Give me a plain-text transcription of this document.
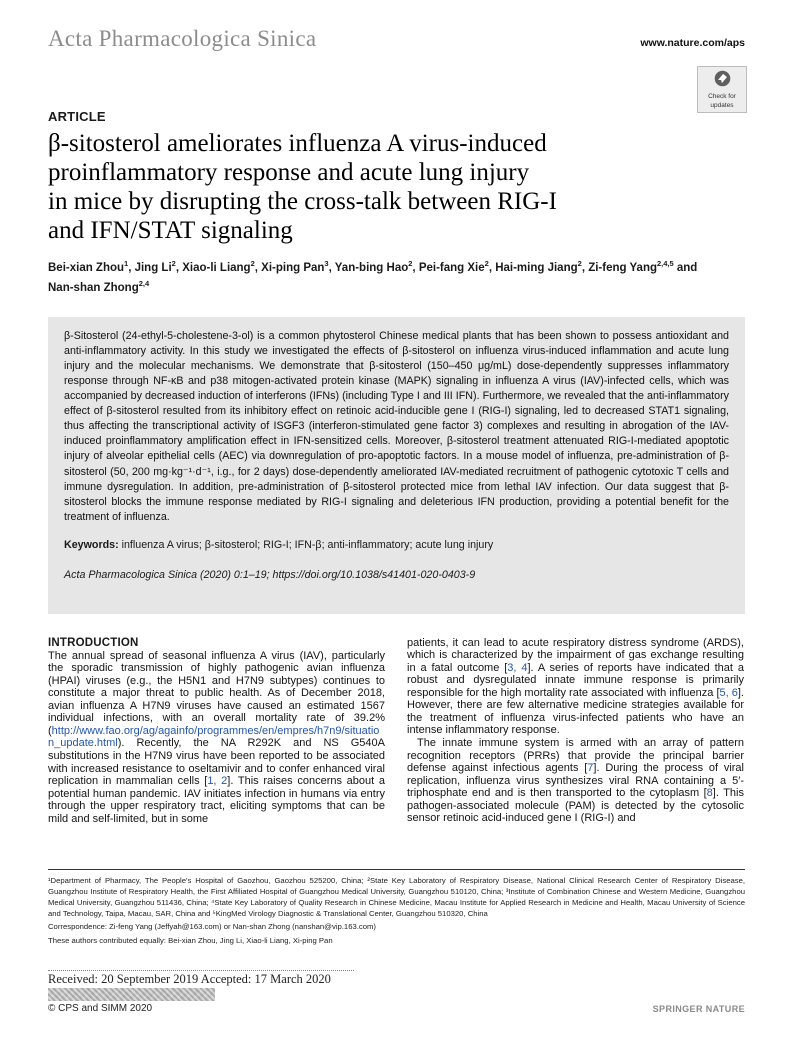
Acta Pharmacologica Sinica	www.nature.com/aps
ARTICLE
β-sitosterol ameliorates influenza A virus-induced
proinflammatory response and acute lung injury
in mice by disrupting the cross-talk between RIG-I
and IFN/STAT signaling
Bei-xian Zhou$^1$, Jing Li$^2$, Xiao-li Liang$^2$, Xi-ping Pan$^3$, Yan-bing Hao$^2$, Pei-fang Xie$^2$, Hai-ming Jiang$^2$, Zi-feng Yang$^{2,4,5}$ and Nan-shan Zhong$^{2,4}$

β-Sitosterol (24-ethyl-5-cholestene-3-ol) is a common phytosterol Chinese medical plants that has been shown to possess antioxidant and anti-inflammatory activity. In this study we investigated the effects of β-sitosterol on influenza virus-induced inflammation and acute lung injury and the molecular mechanisms. We demonstrate that β-sitosterol (150–450 μg/mL) dose-dependently suppresses inflammatory response through NF-κB and p38 mitogen-activated protein kinase (MAPK) signaling in influenza A virus (IAV)-infected cells, which was accompanied by decreased induction of interferons (IFNs) (including Type I and III IFN). Furthermore, we revealed that the anti-inflammatory effect of β-sitosterol resulted from its inhibitory effect on retinoic acid-inducible gene I (RIG-I) signaling, led to decreased STAT1 signaling, thus affecting the transcriptional activity of ISGF3 (interferon-stimulated gene factor 3) complexes and resulting in abrogation of the IAV-induced proinflammatory amplification effect in IFN-sensitized cells. Moreover, β-sitosterol treatment attenuated RIG-I-mediated apoptotic injury of alveolar epithelial cells (AEC) via downregulation of pro-apoptotic factors. In a mouse model of influenza, pre-administration of β-sitosterol (50, 200 mg·kg⁻¹·d⁻¹, i.g., for 2 days) dose-dependently ameliorated IAV-mediated recruitment of pathogenic cytotoxic T cells and immune dysregulation. In addition, pre-administration of β-sitosterol protected mice from lethal IAV infection. Our data suggest that β-sitosterol blocks the immune response mediated by RIG-I signaling and deleterious IFN production, providing a potential benefit for the treatment of influenza.

Keywords: influenza A virus; β-sitosterol; RIG-I; IFN-β; anti-inflammatory; acute lung injury

Acta Pharmacologica Sinica (2020) 0:1–19; https://doi.org/10.1038/s41401-020-0403-9

INTRODUCTION

The annual spread of seasonal influenza A virus (IAV), particularly the sporadic transmission of highly pathogenic avian influenza (HPAI) viruses (e.g., the H5N1 and H7N9 subtypes) continues to constitute a major threat to public health. As of December 2018, avian influenza A H7N9 viruses have caused an estimated 1567 individual infections, with an overall mortality rate of 39.2% (http://www.fao.org/ag/againfo/programmes/en/empres/h7n9/situation_update.html). Recently, the NA R292K and NS G540A substitutions in the H7N9 virus have been reported to be associated with increased resistance to oseltamivir and to confer enhanced viral replication in mammalian cells [1, 2]. This raises concerns about a potential human pandemic. IAV initiates infection in humans via entry through the upper respiratory tract, eliciting symptoms that can be mild and self-limited, but in some

patients, it can lead to acute respiratory distress syndrome (ARDS), which is characterized by the impairment of gas exchange resulting in a fatal outcome [3, 4]. A series of reports have indicated that a robust and dysregulated innate immune response is primarily responsible for the high mortality rate associated with influenza [5, 6]. However, there are few alternative medicine strategies available for the treatment of influenza virus-infected patients who have an intense inflammatory response.

The innate immune system is armed with an array of pattern recognition receptors (PRRs) that provide the principal barrier defense against infectious agents [7]. During the process of viral replication, influenza virus synthesizes viral RNA containing a 5′-triphosphate end and is then transported to the cytoplasm [8]. This pathogen-associated molecule (PAM) is detected by the cytosolic sensor retinoic acid-induced gene I (RIG-I) and

¹Department of Pharmacy, The People's Hospital of Gaozhou, Gaozhou 525200, China; ²State Key Laboratory of Respiratory Disease, National Clinical Research Center of Respiratory Disease, Guangzhou Institute of Respiratory Health, the First Affiliated Hospital of Guangzhou Medical University, Guangzhou 510120, China; ³Institute of Combination Chinese and Western Medicine, Guangzhou Medical University, Guangzhou 511436, China; ⁴State Key Laboratory of Quality Research in Chinese Medicine, Macau Institute for Applied Research in Medicine and Health, Macau University of Science and Technology, Taipa, Macau, SAR, China and ⁵KingMed Virology Diagnostic & Translational Center, Guangzhou 510320, China

Correspondence: Zi-feng Yang (Jeffyah@163.com) or Nan-shan Zhong (nanshan@vip.163.com)

These authors contributed equally: Bei-xian Zhou, Jing Li, Xiao-li Liang, Xi-ping Pan

Received: 20 September 2019 Accepted: 17 March 2020
Check for
updates
© CPS and SIMM 2020	SPRINGER NATURE
